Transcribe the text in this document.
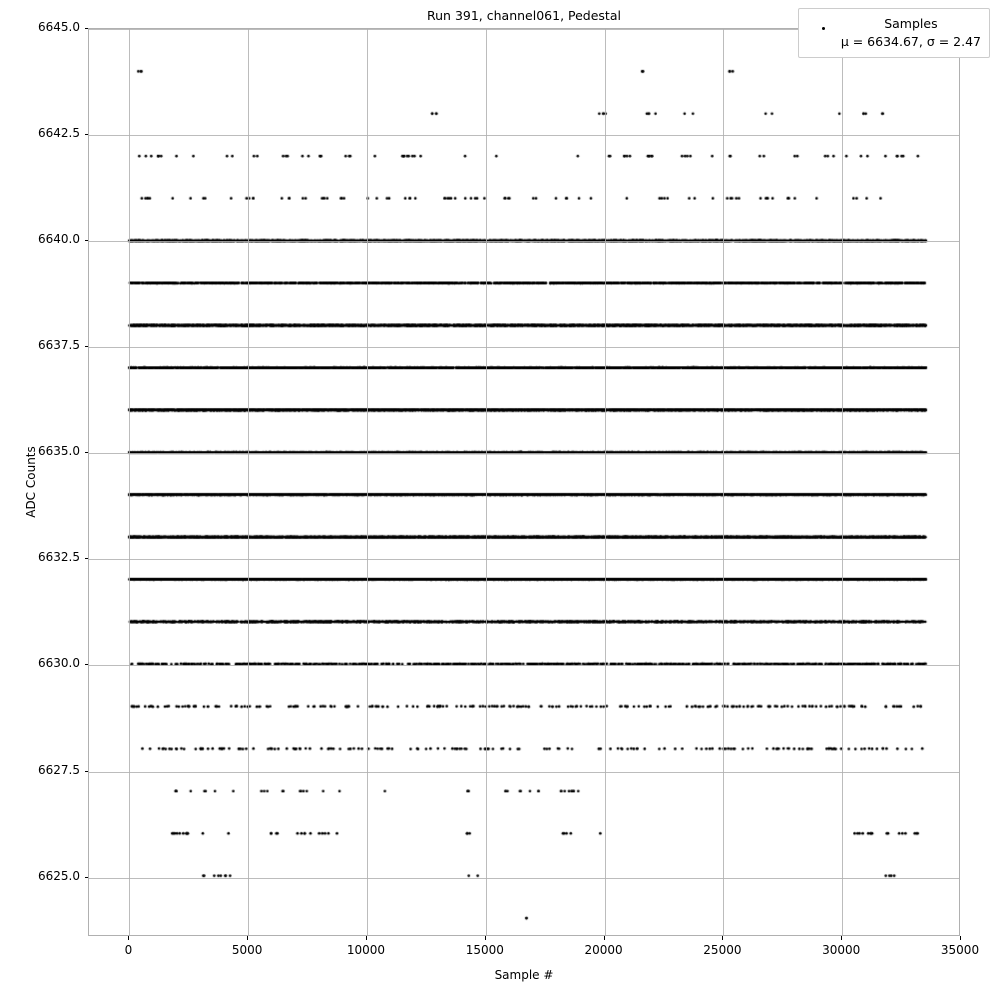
Run 391, channel061, Pedestal
ADC Counts
Sample #
Samples
μ = 6634.67, σ = 2.47
6625.0
6627.5
6630.0
6632.5
6635.0
6637.5
6640.0
6642.5
6645.0
0	5000	10000	15000	20000	25000	30000	35000
